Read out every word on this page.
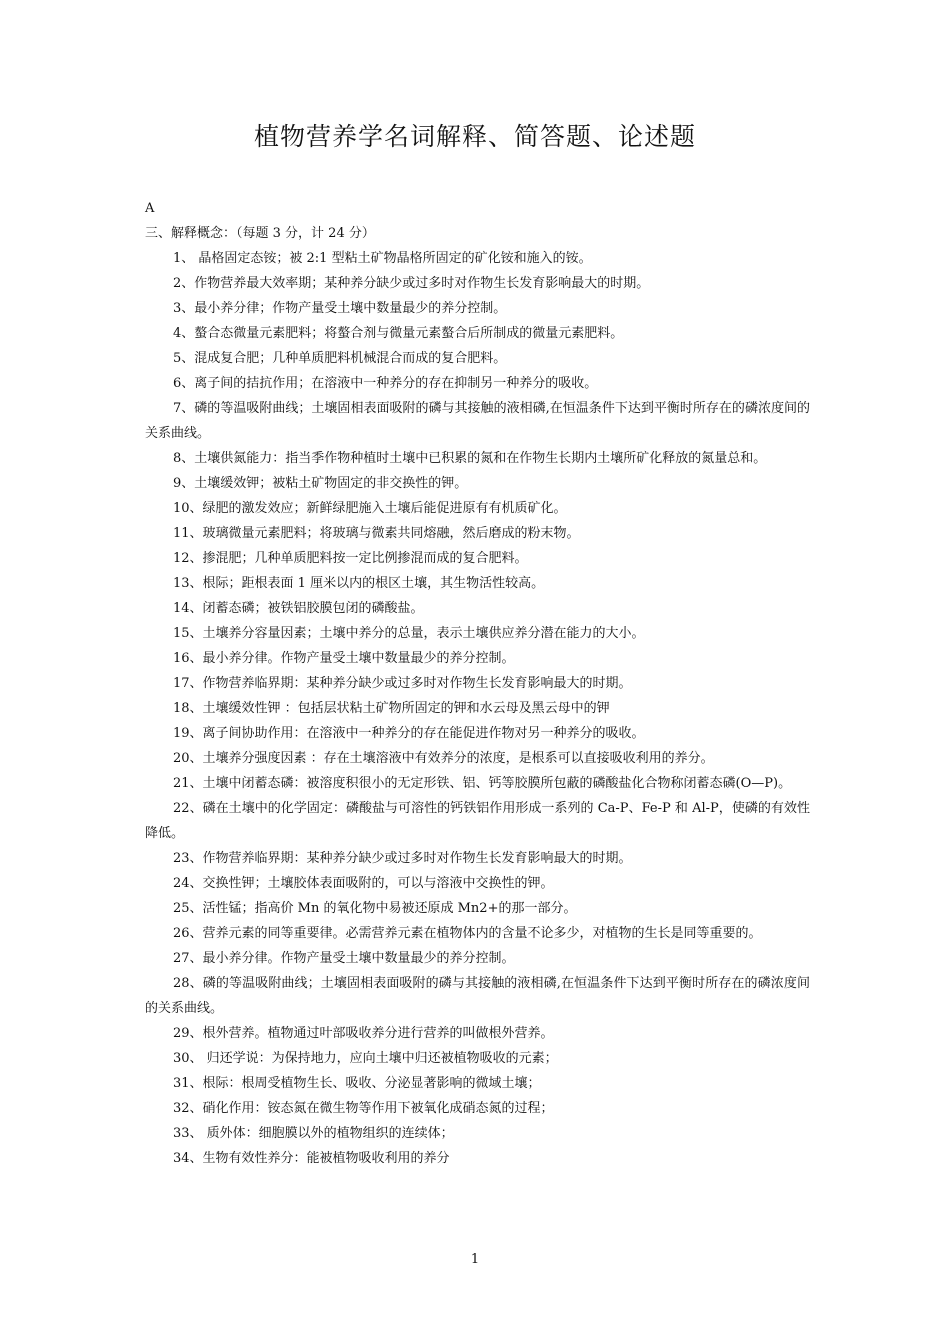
植物营养学名词解释、简答题、论述题

A

三、解释概念：（每题 3 分，计 24 分）

1、 晶格固定态铵；被 2:1 型粘土矿物晶格所固定的矿化铵和施入的铵。

2、作物营养最大效率期；某种养分缺少或过多时对作物生长发育影响最大的时期。

3、最小养分律；作物产量受土壤中数量最少的养分控制。

4、螯合态微量元素肥料；将螯合剂与微量元素螯合后所制成的微量元素肥料。

5、混成复合肥；几种单质肥料机械混合而成的复合肥料。

6、离子间的拮抗作用；在溶液中一种养分的存在抑制另一种养分的吸收。

7、磷的等温吸附曲线；土壤固相表面吸附的磷与其接触的液相磷,在恒温条件下达到平衡时所存在的磷浓度间的关系曲线。

8、土壤供氮能力：指当季作物种植时土壤中已积累的氮和在作物生长期内土壤所矿化释放的氮量总和。

9、土壤缓效钾；被粘土矿物固定的非交换性的钾。

10、绿肥的激发效应；新鲜绿肥施入土壤后能促进原有有机质矿化。

11、玻璃微量元素肥料；将玻璃与微素共同熔融，然后磨成的粉末物。

12、掺混肥；几种单质肥料按一定比例掺混而成的复合肥料。

13、根际；距根表面 1 厘米以内的根区土壤，其生物活性较高。

14、闭蓄态磷；被铁铝胶膜包闭的磷酸盐。

15、土壤养分容量因素；土壤中养分的总量，表示土壤供应养分潜在能力的大小。

16、最小养分律。作物产量受土壤中数量最少的养分控制。

17、作物营养临界期：某种养分缺少或过多时对作物生长发育影响最大的时期。

18、土壤缓效性钾 ：包括层状粘土矿物所固定的钾和水云母及黑云母中的钾

19、离子间协助作用：在溶液中一种养分的存在能促进作物对另一种养分的吸收。

20、土壤养分强度因素 ：存在土壤溶液中有效养分的浓度，是根系可以直接吸收利用的养分。

21、土壤中闭蓄态磷：被溶度积很小的无定形铁、铝、钙等胶膜所包蔽的磷酸盐化合物称闭蓄态磷(O—P)。

22、磷在土壤中的化学固定：磷酸盐与可溶性的钙铁铝作用形成一系列的 Ca-P、Fe-P 和 Al-P，使磷的有效性降低。

23、作物营养临界期：某种养分缺少或过多时对作物生长发育影响最大的时期。

24、交换性钾；土壤胶体表面吸附的，可以与溶液中交换性的钾。

25、活性锰；指高价 Mn 的氧化物中易被还原成 Mn2+的那一部分。

26、营养元素的同等重要律。必需营养元素在植物体内的含量不论多少，对植物的生长是同等重要的。

27、最小养分律。作物产量受土壤中数量最少的养分控制。

28、磷的等温吸附曲线；土壤固相表面吸附的磷与其接触的液相磷,在恒温条件下达到平衡时所存在的磷浓度间的关系曲线。

29、根外营养。植物通过叶部吸收养分进行营养的叫做根外营养。

30、 归还学说：为保持地力，应向土壤中归还被植物吸收的元素；

31、根际：根周受植物生长、吸收、分泌显著影响的微域土壤；

32、硝化作用：铵态氮在微生物等作用下被氧化成硝态氮的过程；

33、 质外体：细胞膜以外的植物组织的连续体；

34、生物有效性养分：能被植物吸收利用的养分

1
